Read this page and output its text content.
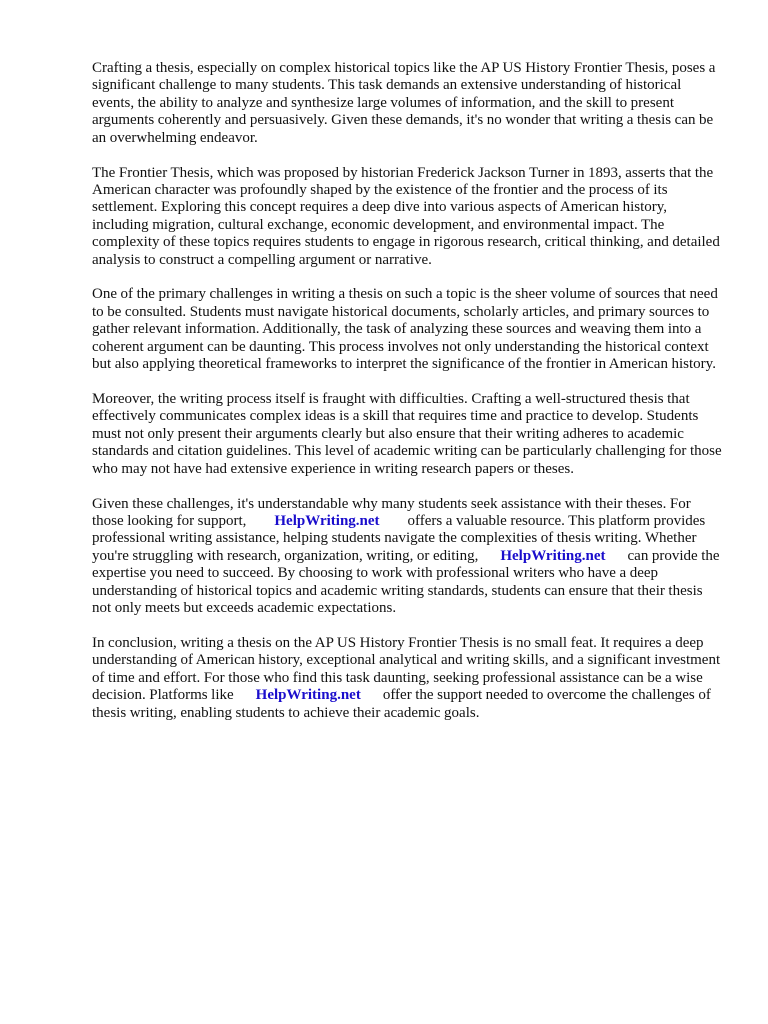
Crafting a thesis, especially on complex historical topics like the AP US History Frontier Thesis, poses a significant challenge to many students. This task demands an extensive understanding of historical events, the ability to analyze and synthesize large volumes of information, and the skill to present arguments coherently and persuasively. Given these demands, it's no wonder that writing a thesis can be an overwhelming endeavor.

The Frontier Thesis, which was proposed by historian Frederick Jackson Turner in 1893, asserts that the American character was profoundly shaped by the existence of the frontier and the process of its settlement. Exploring this concept requires a deep dive into various aspects of American history, including migration, cultural exchange, economic development, and environmental impact. The complexity of these topics requires students to engage in rigorous research, critical thinking, and detailed analysis to construct a compelling argument or narrative.

One of the primary challenges in writing a thesis on such a topic is the sheer volume of sources that need to be consulted. Students must navigate historical documents, scholarly articles, and primary sources to gather relevant information. Additionally, the task of analyzing these sources and weaving them into a coherent argument can be daunting. This process involves not only understanding the historical context but also applying theoretical frameworks to interpret the significance of the frontier in American history.

Moreover, the writing process itself is fraught with difficulties. Crafting a well-structured thesis that effectively communicates complex ideas is a skill that requires time and practice to develop. Students must not only present their arguments clearly but also ensure that their writing adheres to academic standards and citation guidelines. This level of academic writing can be particularly challenging for those who may not have had extensive experience in writing research papers or theses.

Given these challenges, it's understandable why many students seek assistance with their theses. For those looking for support, HelpWriting.net offers a valuable resource. This platform provides professional writing assistance, helping students navigate the complexities of thesis writing. Whether you're struggling with research, organization, writing, or editing, HelpWriting.net can provide the expertise you need to succeed. By choosing to work with professional writers who have a deep understanding of historical topics and academic writing standards, students can ensure that their thesis not only meets but exceeds academic expectations.

In conclusion, writing a thesis on the AP US History Frontier Thesis is no small feat. It requires a deep understanding of American history, exceptional analytical and writing skills, and a significant investment of time and effort. For those who find this task daunting, seeking professional assistance can be a wise decision. Platforms like HelpWriting.net offer the support needed to overcome the challenges of thesis writing, enabling students to achieve their academic goals.
